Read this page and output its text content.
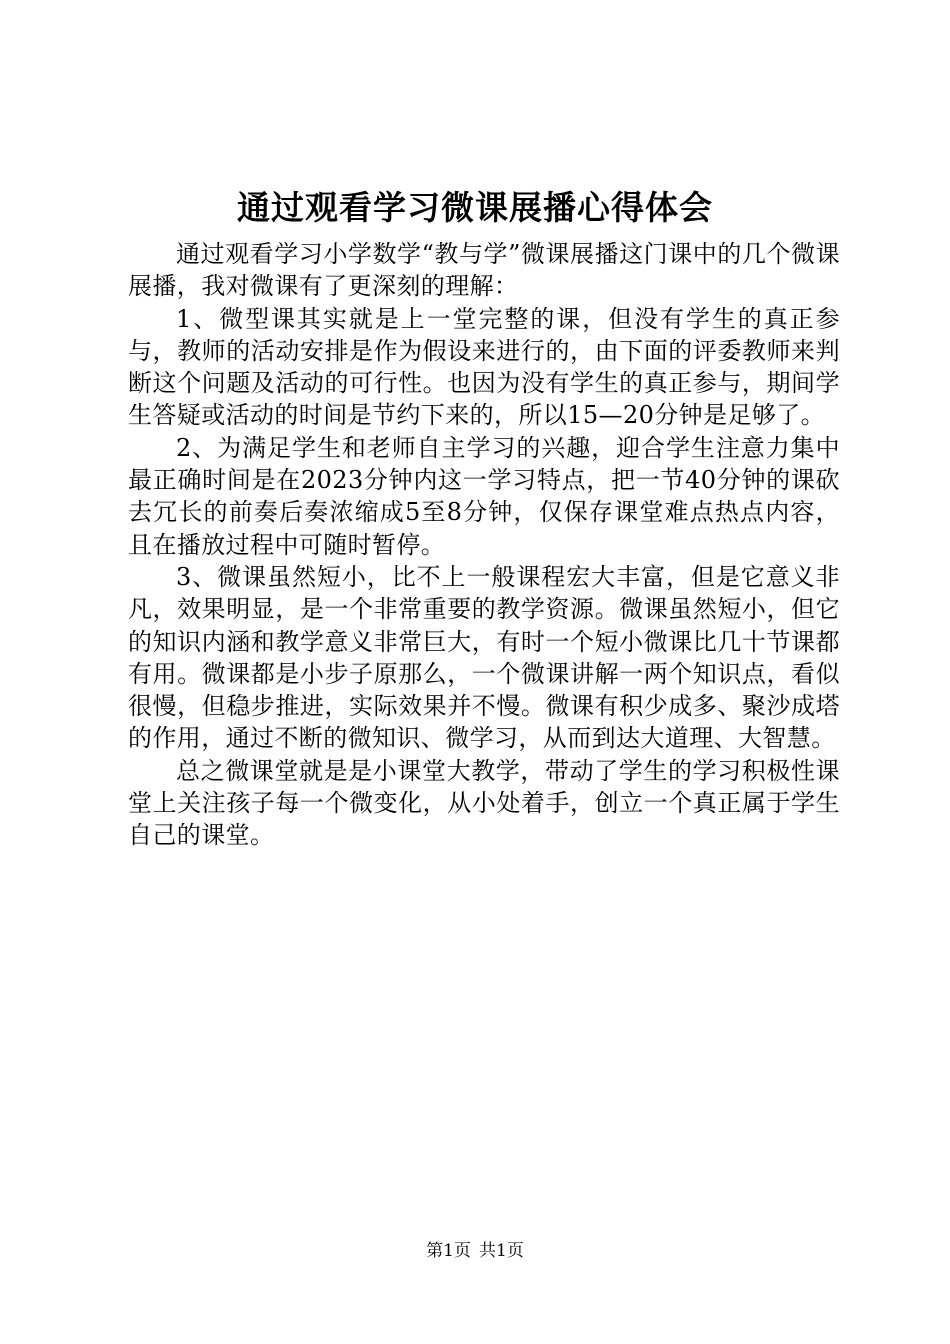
通过观看学习微课展播心得体会

通过观看学习小学数学“教与学”微课展播这门课中的几个微课展播，我对微课有了更深刻的理解：

1、微型课其实就是上一堂完整的课，但没有学生的真正参与，教师的活动安排是作为假设来进行的，由下面的评委教师来判断这个问题及活动的可行性。也因为没有学生的真正参与，期间学生答疑或活动的时间是节约下来的，所以15—20分钟是足够了。

2、为满足学生和老师自主学习的兴趣，迎合学生注意力集中最正确时间是在2023分钟内这一学习特点，把一节40分钟的课砍去冗长的前奏后奏浓缩成5至8分钟，仅保存课堂难点热点内容，且在播放过程中可随时暂停。

3、微课虽然短小，比不上一般课程宏大丰富，但是它意义非凡，效果明显，是一个非常重要的教学资源。微课虽然短小，但它的知识内涵和教学意义非常巨大，有时一个短小微课比几十节课都有用。微课都是小步子原那么，一个微课讲解一两个知识点，看似很慢，但稳步推进，实际效果并不慢。微课有积少成多、聚沙成塔的作用，通过不断的微知识、微学习，从而到达大道理、大智慧。

总之微课堂就是是小课堂大教学，带动了学生的学习积极性课堂上关注孩子每一个微变化，从小处着手，创立一个真正属于学生自己的课堂。

第1页 共1页
